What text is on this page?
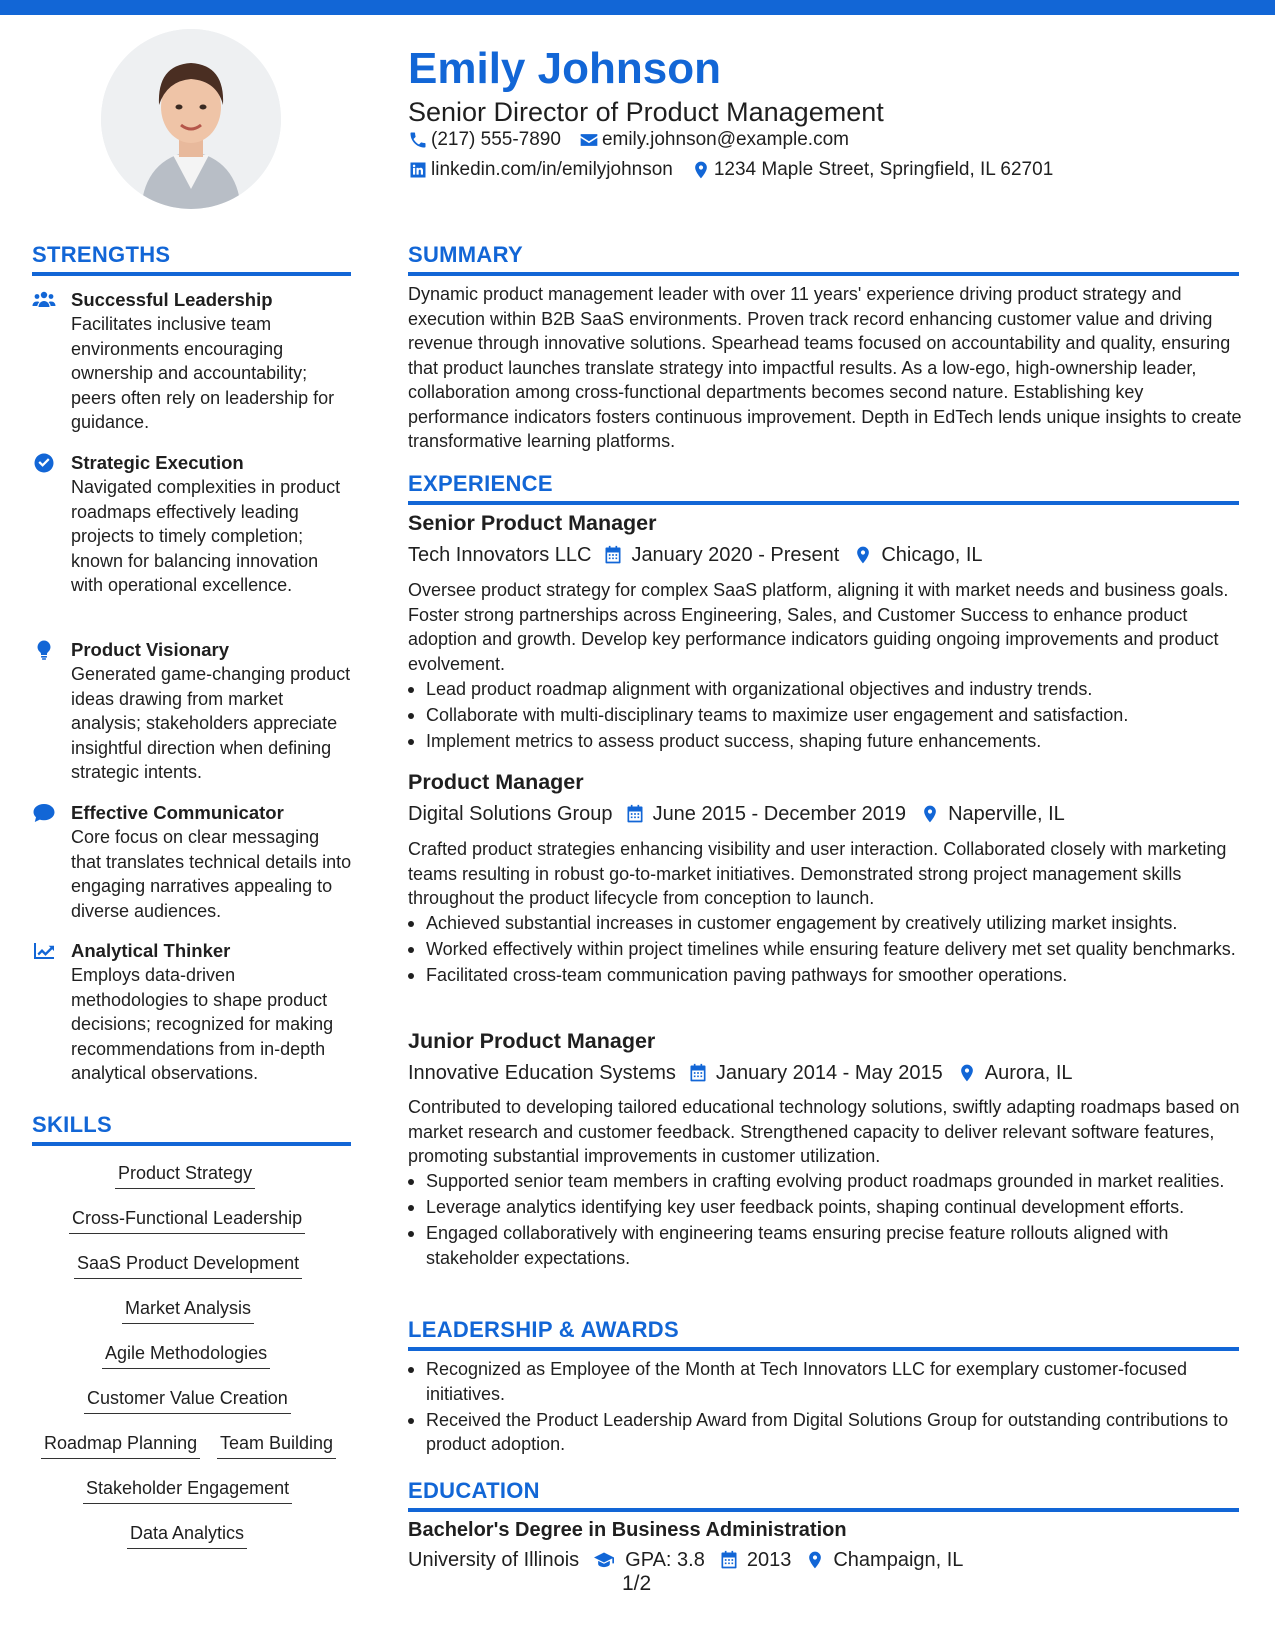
Emily Johnson
Senior Director of Product Management
(217) 555-7890 emily.johnson@example.com
linkedin.com/in/emilyjohnson 1234 Maple Street, Springfield, IL 62701
STRENGTHS
Successful Leadership
Facilitates inclusive team environments encouraging ownership and accountability; peers often rely on leadership for guidance.
Strategic Execution
Navigated complexities in product roadmaps effectively leading projects to timely completion; known for balancing innovation with operational excellence.
Product Visionary
Generated game-changing product ideas drawing from market analysis; stakeholders appreciate insightful direction when defining strategic intents.
Effective Communicator
Core focus on clear messaging that translates technical details into engaging narratives appealing to diverse audiences.
Analytical Thinker
Employs data-driven methodologies to shape product decisions; recognized for making recommendations from in-depth analytical observations.
SKILLS
Product Strategy
Cross-Functional Leadership
SaaS Product Development
Market Analysis
Agile Methodologies
Customer Value Creation
Roadmap Planning Team Building
Stakeholder Engagement
Data Analytics
SUMMARY
Dynamic product management leader with over 11 years' experience driving product strategy and execution within B2B SaaS environments. Proven track record enhancing customer value and driving revenue through innovative solutions. Spearhead teams focused on accountability and quality, ensuring that product launches translate strategy into impactful results. As a low-ego, high-ownership leader, collaboration among cross-functional departments becomes second nature. Establishing key performance indicators fosters continuous improvement. Depth in EdTech lends unique insights to create transformative learning platforms.
EXPERIENCE
Senior Product Manager
Tech Innovators LLC January 2020 - Present Chicago, IL
Oversee product strategy for complex SaaS platform, aligning it with market needs and business goals. Foster strong partnerships across Engineering, Sales, and Customer Success to enhance product adoption and growth. Develop key performance indicators guiding ongoing improvements and product evolvement.
Lead product roadmap alignment with organizational objectives and industry trends.
Collaborate with multi-disciplinary teams to maximize user engagement and satisfaction.
Implement metrics to assess product success, shaping future enhancements.
Product Manager
Digital Solutions Group June 2015 - December 2019 Naperville, IL
Crafted product strategies enhancing visibility and user interaction. Collaborated closely with marketing teams resulting in robust go-to-market initiatives. Demonstrated strong project management skills throughout the product lifecycle from conception to launch.
Achieved substantial increases in customer engagement by creatively utilizing market insights.
Worked effectively within project timelines while ensuring feature delivery met set quality benchmarks.
Facilitated cross-team communication paving pathways for smoother operations.
Junior Product Manager
Innovative Education Systems January 2014 - May 2015 Aurora, IL
Contributed to developing tailored educational technology solutions, swiftly adapting roadmaps based on market research and customer feedback. Strengthened capacity to deliver relevant software features, promoting substantial improvements in customer utilization.
Supported senior team members in crafting evolving product roadmaps grounded in market realities.
Leverage analytics identifying key user feedback points, shaping continual development efforts.
Engaged collaboratively with engineering teams ensuring precise feature rollouts aligned with stakeholder expectations.
LEADERSHIP & AWARDS
Recognized as Employee of the Month at Tech Innovators LLC for exemplary customer-focused initiatives.
Received the Product Leadership Award from Digital Solutions Group for outstanding contributions to product adoption.
EDUCATION
Bachelor's Degree in Business Administration
University of Illinois GPA: 3.8 2013 Champaign, IL
1/2
